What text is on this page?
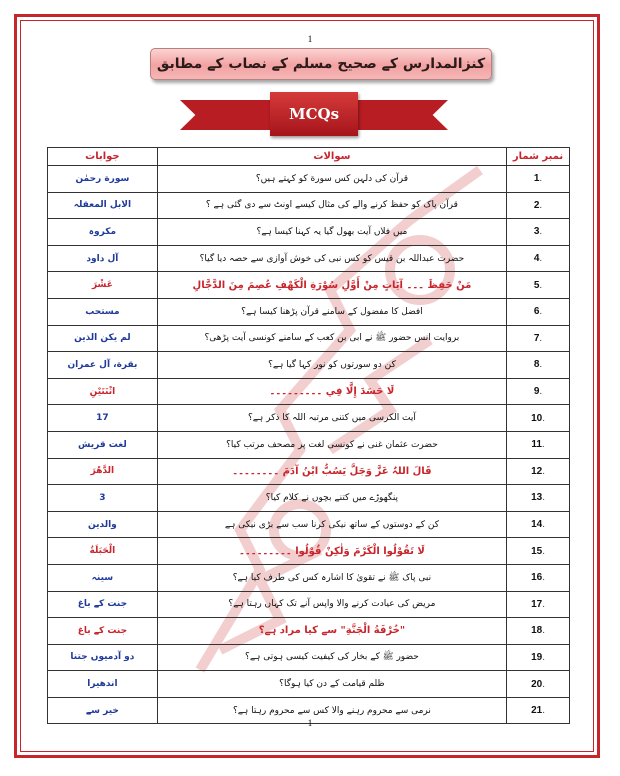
1
کنزالمدارس کے صحیح مسلم کے نصاب کے مطابق
MCQs
جوابات	سوالات	نمبر شمار
سورة رحمٰن	قرآن کی دلہن کس سورة کو کہتے ہیں؟	1.
الابل المعقلہ	قرآن پاک کو حفظ کرنے والے کی مثال کیسے اونٹ سے دی گئی ہے ؟	2.
مکروہ	میں فلاں آیت بھول گیا یہ کہنا کیسا ہے؟	3.
آل داود	حضرت عبداللہ بن قیس کو کس نبی کی خوش آوازی سے حصہ دیا گیا؟	4.
عَشْرَ	مَنْ حَفِظَ ۔۔۔ آیَاتٍ مِنْ أَوَّلِ سُوْرَةِ الْکَھْفِ عُصِمَ مِنَ الدَّجَّالِ	5.
مستحب	افضل کا مفضول کے سامنے قرآن پڑھنا کیسا ہے؟	6.
لم یکن الذین	بروایت انس حضور ﷺ نے ابی بن کعب کے سامنے کونسی آیت پڑھی؟	7.
بقرة، آل عمران	کن دو سورتوں کو نور کہا گیا ہے؟	8.
اثْنَتَیْنِ	لَا حَسَدَ إِلَّا فِي ۔۔۔۔۔۔۔۔۔	9.
17	آیت الکرسی میں کتنی مرتبہ اللہ کا ذکر ہے؟	10.
لغت قریش	حضرت عثمان غنی نے کونسی لغت پر مصحف مرتب کیا؟	11.
الدَّھْرَ	قَالَ اللہُ عَزَّ وَجَلَّ یَسُبُّ ابْنُ آدَمَ ۔۔۔۔۔۔۔۔	12.
3	پنگھوڑے میں کتنے بچوں نے کلام کیا؟	13.
والدین	کن کے دوستوں کے ساتھ نیکی کرنا سب سے بڑی نیکی ہے	14.
الْحَبَلَةُ	لَا تَقُوْلُوا الْکَرْمَ وَلٰکِنْ قُوْلُوا ۔۔۔۔۔۔۔۔۔	15.
سینہ	نبی پاک ﷺ نے تقویٰ کا اشارہ کس کی طرف کیا ہے؟	16.
جنت کے باغ	مریض کی عیادت کرنے والا واپس آنے تک کہاں رہتا ہے؟	17.
جنت کے باغ	"خُرْفَةُ الْجَنَّةِ" سے کیا مراد ہے؟	18.
دو آدمیوں جتنا	حضور ﷺ کے بخار کی کیفیت کیسی ہوتی ہے؟	19.
اندھیرا	ظلم قیامت کے دن کیا ہوگا؟	20.
خیر سے	نرمی سے محروم رہنے والا کس سے محروم رہتا ہے؟	21.
1
